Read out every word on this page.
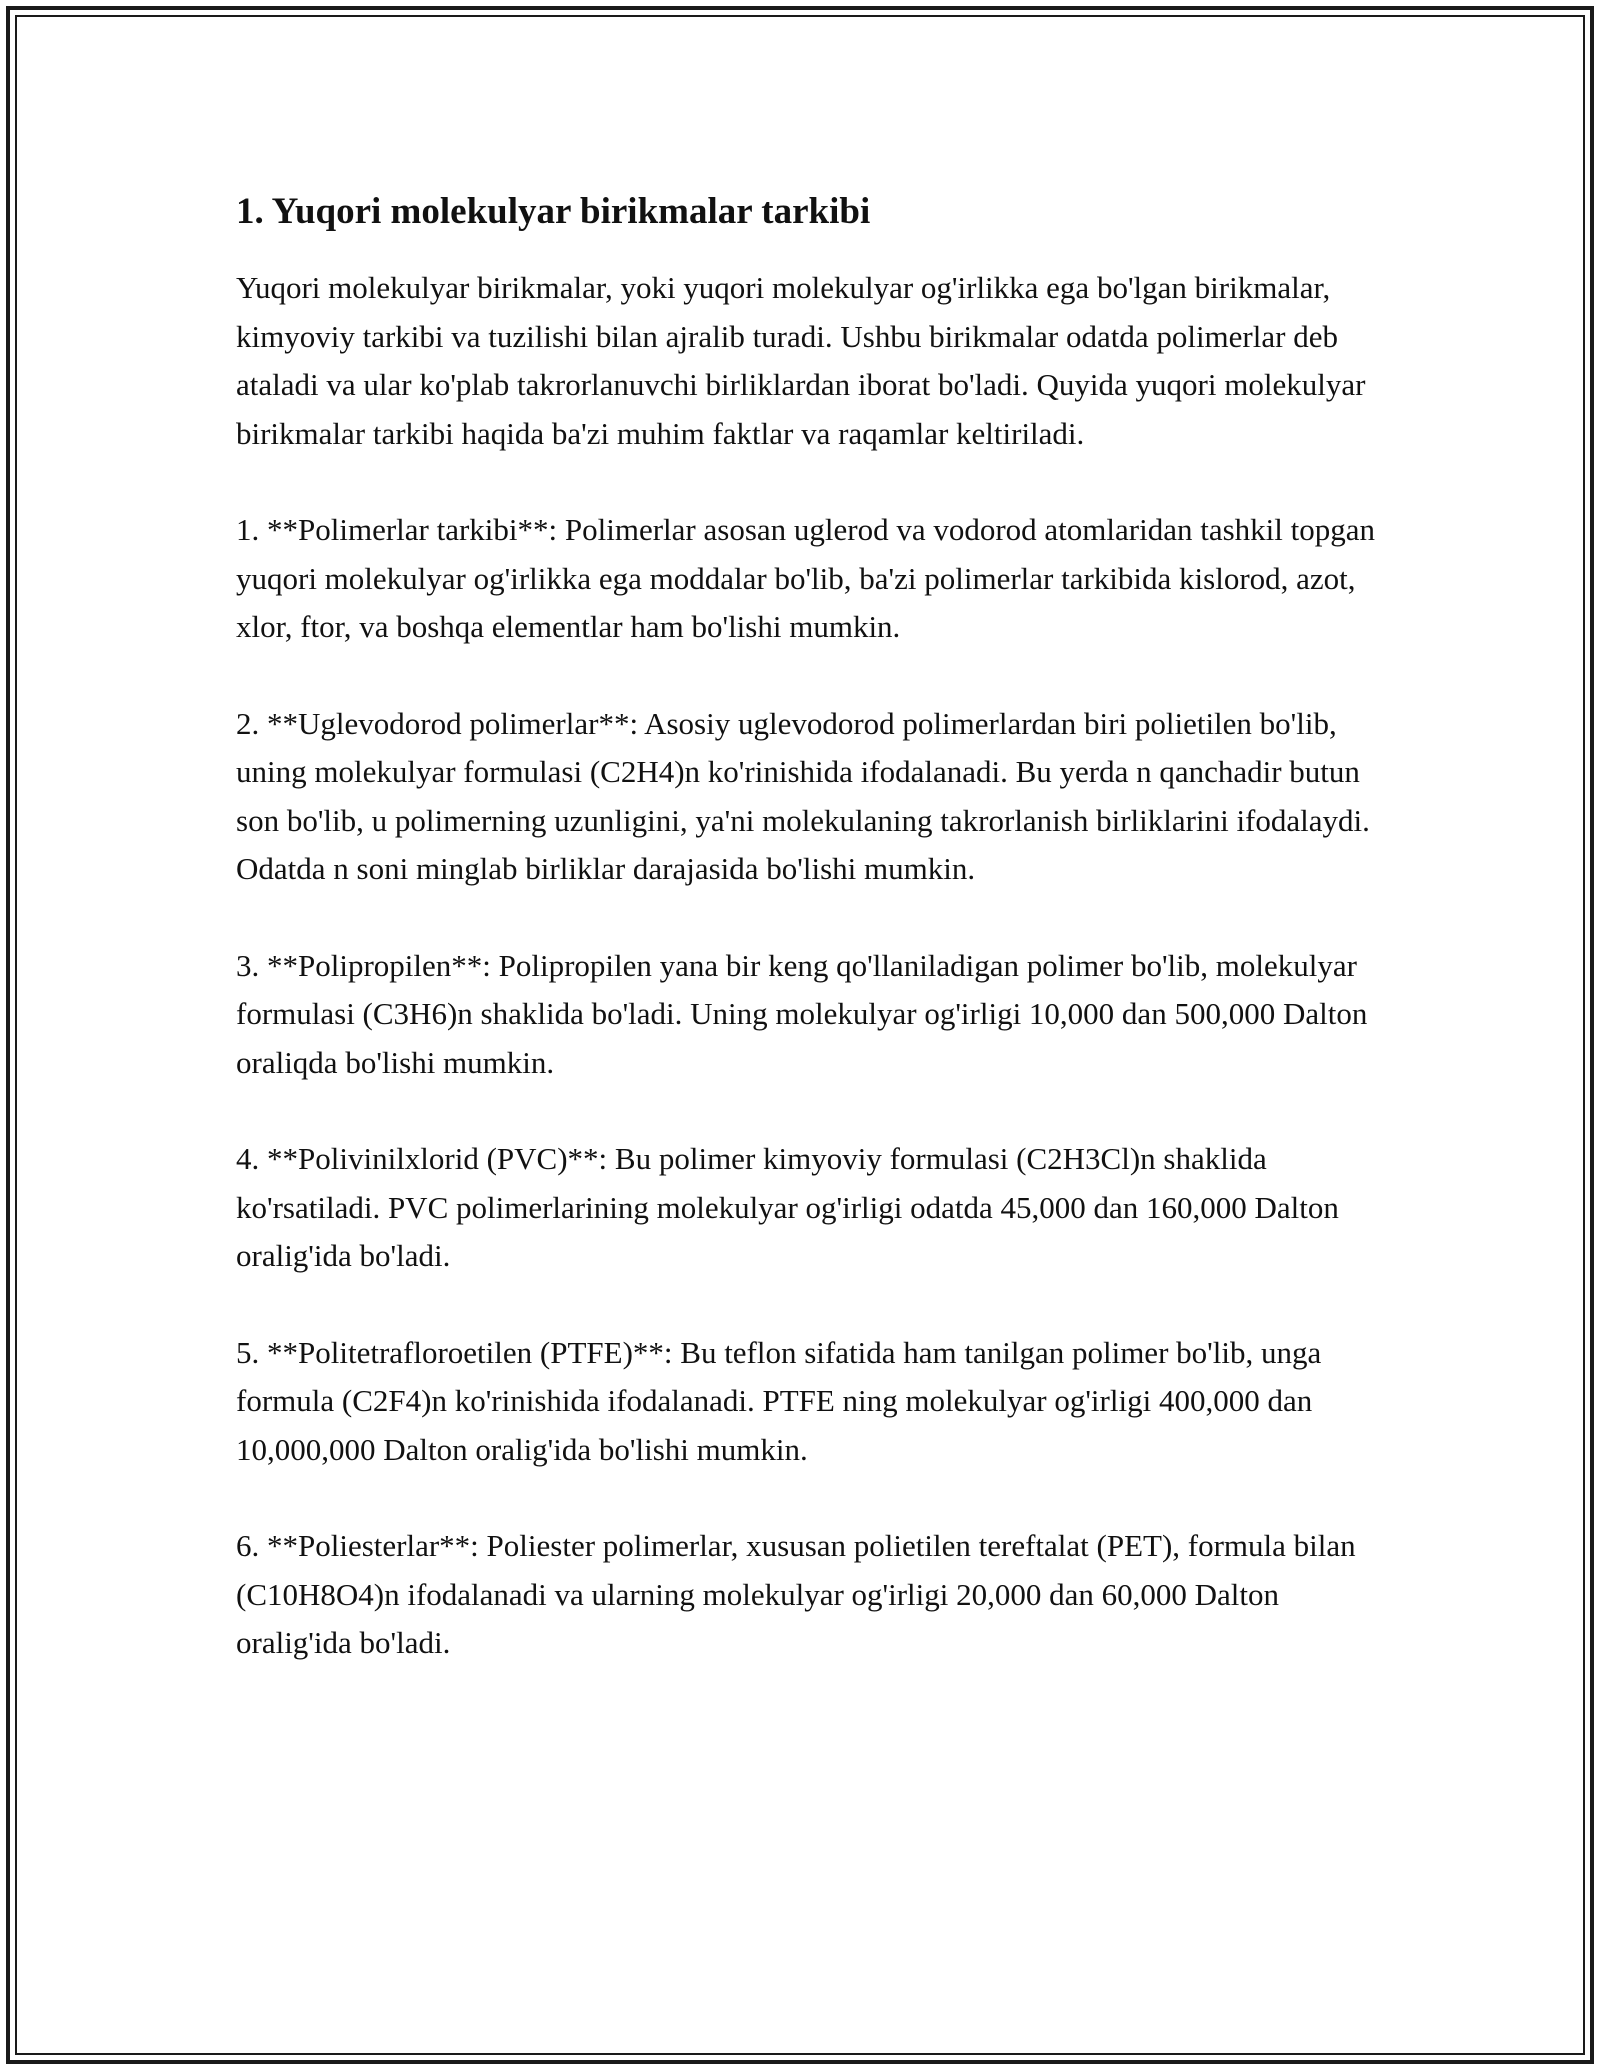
1. Yuqori molekulyar birikmalar tarkibi

Yuqori molekulyar birikmalar, yoki yuqori molekulyar og'irlikka ega bo'lgan birikmalar, kimyoviy tarkibi va tuzilishi bilan ajralib turadi. Ushbu birikmalar odatda polimerlar deb ataladi va ular ko'plab takrorlanuvchi birliklardan iborat bo'ladi. Quyida yuqori molekulyar birikmalar tarkibi haqida ba'zi muhim faktlar va raqamlar keltiriladi.

1. **Polimerlar tarkibi**: Polimerlar asosan uglerod va vodorod atomlaridan tashkil topgan yuqori molekulyar og'irlikka ega moddalar bo'lib, ba'zi polimerlar tarkibida kislorod, azot, xlor, ftor, va boshqa elementlar ham bo'lishi mumkin.

2. **Uglevodorod polimerlar**: Asosiy uglevodorod polimerlardan biri polietilen bo'lib, uning molekulyar formulasi (C2H4)n ko'rinishida ifodalanadi. Bu yerda n qanchadir butun son bo'lib, u polimerning uzunligini, ya'ni molekulaning takrorlanish birliklarini ifodalaydi. Odatda n soni minglab birliklar darajasida bo'lishi mumkin.

3. **Polipropilen**: Polipropilen yana bir keng qo'llaniladigan polimer bo'lib, molekulyar formulasi (C3H6)n shaklida bo'ladi. Uning molekulyar og'irligi 10,000 dan 500,000 Dalton oraliqda bo'lishi mumkin.

4. **Polivinilxlorid (PVC)**: Bu polimer kimyoviy formulasi (C2H3Cl)n shaklida ko'rsatiladi. PVC polimerlarining molekulyar og'irligi odatda 45,000 dan 160,000 Dalton oralig'ida bo'ladi.

5. **Politetrafloroetilen (PTFE)**: Bu teflon sifatida ham tanilgan polimer bo'lib, unga formula (C2F4)n ko'rinishida ifodalanadi. PTFE ning molekulyar og'irligi 400,000 dan 10,000,000 Dalton oralig'ida bo'lishi mumkin.

6. **Poliesterlar**: Poliester polimerlar, xususan polietilen tereftalat (PET), formula bilan (C10H8O4)n ifodalanadi va ularning molekulyar og'irligi 20,000 dan 60,000 Dalton oralig'ida bo'ladi.
